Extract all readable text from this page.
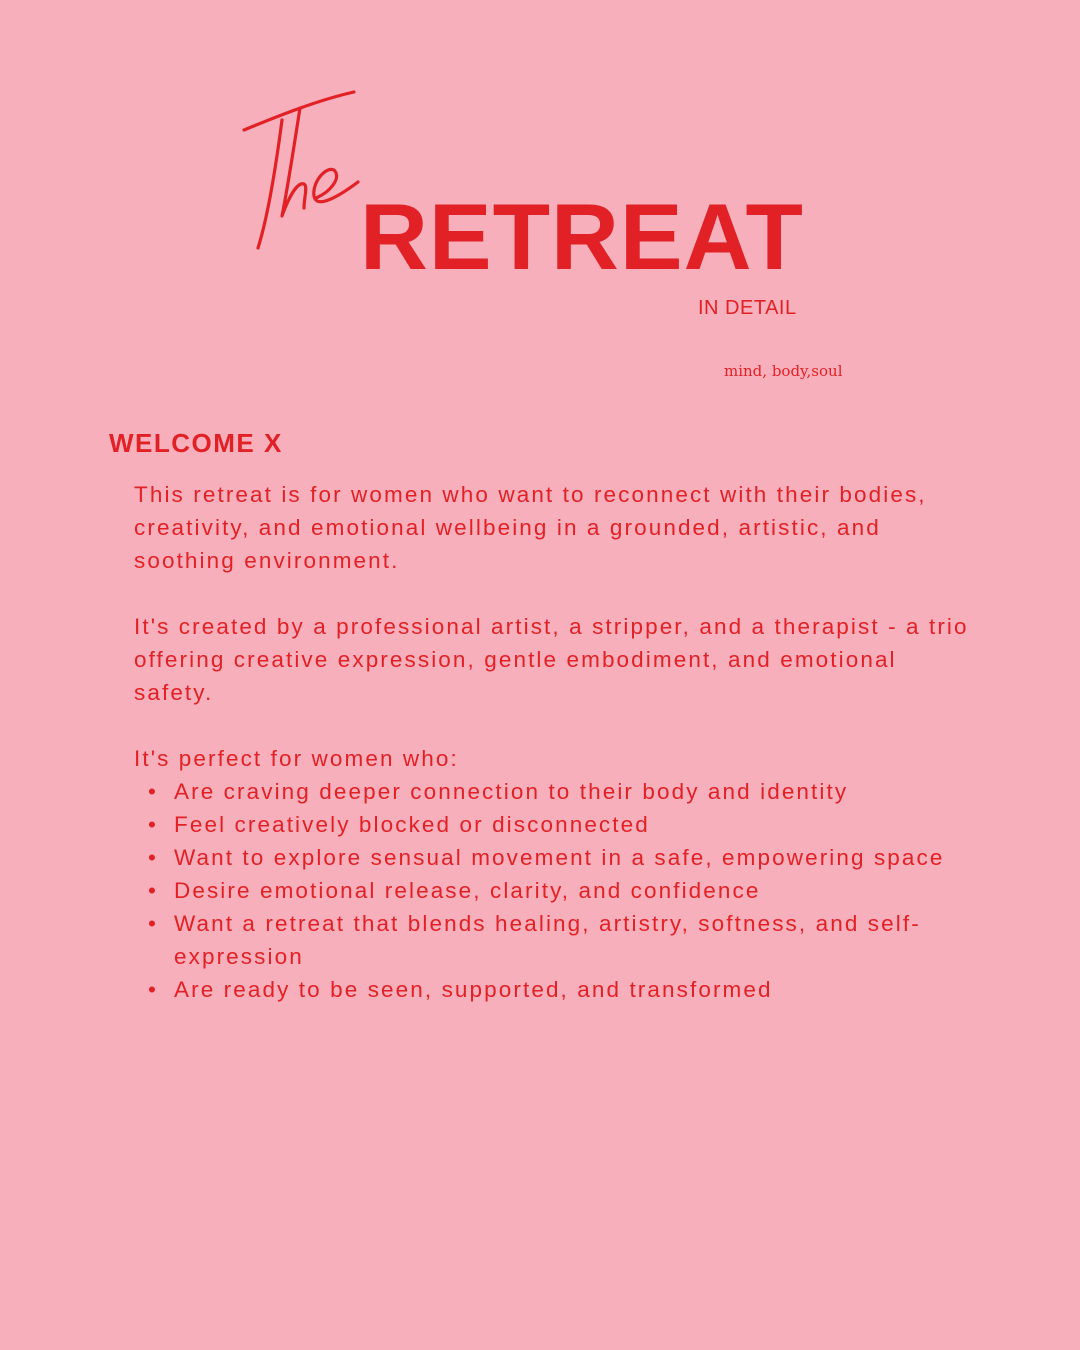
RETREAT
IN DETAIL
mind, body,soul
WELCOME X

This retreat is for women who want to reconnect with their bodies, creativity, and emotional wellbeing in a grounded, artistic, and soothing environment.

It's created by a professional artist, a stripper, and a therapist - a trio offering creative expression, gentle embodiment, and emotional safety.

It's perfect for women who:

• Are craving deeper connection to their body and identity
• Feel creatively blocked or disconnected
• Want to explore sensual movement in a safe, empowering space
• Desire emotional release, clarity, and confidence
• Want a retreat that blends healing, artistry, softness, and self-expression
• Are ready to be seen, supported, and transformed
